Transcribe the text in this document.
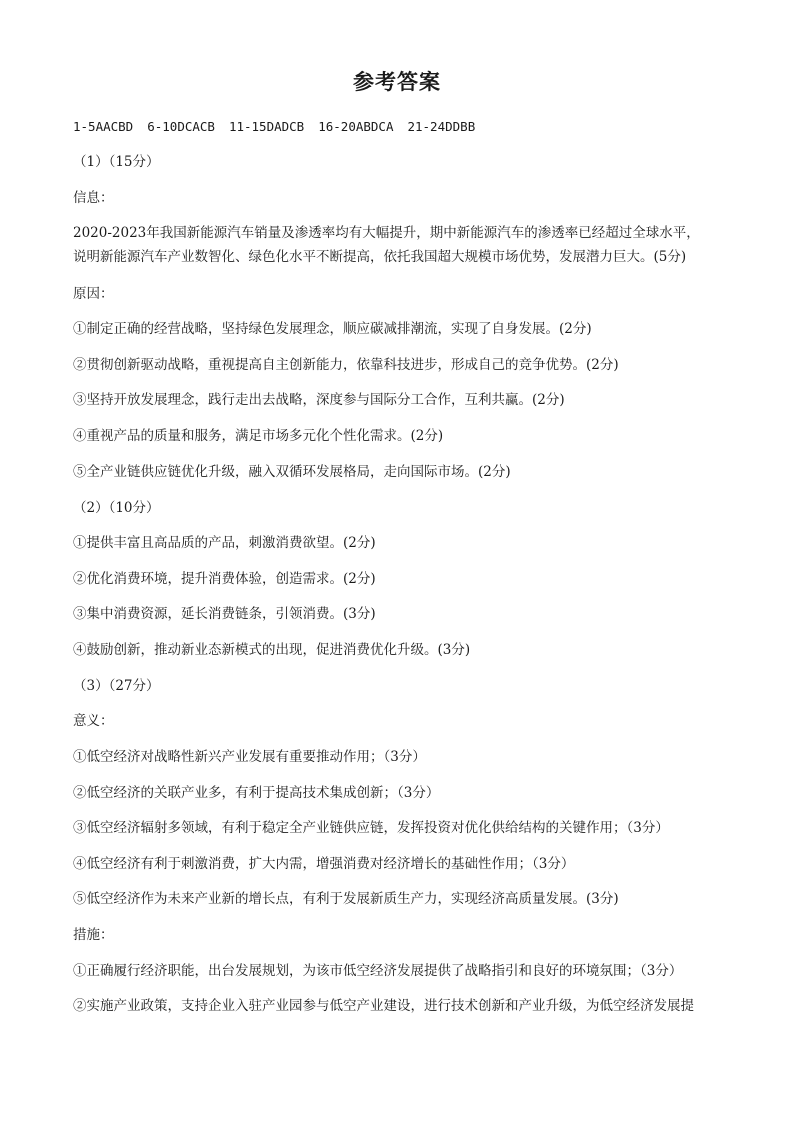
参考答案
1-5AACBD 6-10DCACB 11-15DADCB 16-20ABDCA 21-24DDBB
（1）（15分）
信息：
2020-2023年我国新能源汽车销量及渗透率均有大幅提升，期中新能源汽车的渗透率已经超过全球水平，
说明新能源汽车产业数智化、绿色化水平不断提高，依托我国超大规模市场优势，发展潜力巨大。(5分)
原因：
①制定正确的经营战略，坚持绿色发展理念，顺应碳减排潮流，实现了自身发展。(2分)
②贯彻创新驱动战略，重视提高自主创新能力，依靠科技进步，形成自己的竞争优势。(2分)
③坚持开放发展理念，践行走出去战略，深度参与国际分工合作，互利共赢。(2分)
④重视产品的质量和服务，满足市场多元化个性化需求。(2分)
⑤全产业链供应链优化升级，融入双循环发展格局，走向国际市场。(2分)
（2）（10分）
①提供丰富且高品质的产品，刺激消费欲望。(2分)
②优化消费环境，提升消费体验，创造需求。(2分)
③集中消费资源，延长消费链条，引领消费。(3分)
④鼓励创新，推动新业态新模式的出现，促进消费优化升级。(3分)
（3）（27分）
意义：
①低空经济对战略性新兴产业发展有重要推动作用；（3分）
②低空经济的关联产业多，有利于提高技术集成创新；（3分）
③低空经济辐射多领域，有利于稳定全产业链供应链，发挥投资对优化供给结构的关键作用；（3分）
④低空经济有利于刺激消费，扩大内需，增强消费对经济增长的基础性作用；（3分）
⑤低空经济作为未来产业新的增长点，有利于发展新质生产力，实现经济高质量发展。(3分)
措施：
①正确履行经济职能，出台发展规划，为该市低空经济发展提供了战略指引和良好的环境氛围；（3分）
②实施产业政策，支持企业入驻产业园参与低空产业建设，进行技术创新和产业升级，为低空经济发展提
